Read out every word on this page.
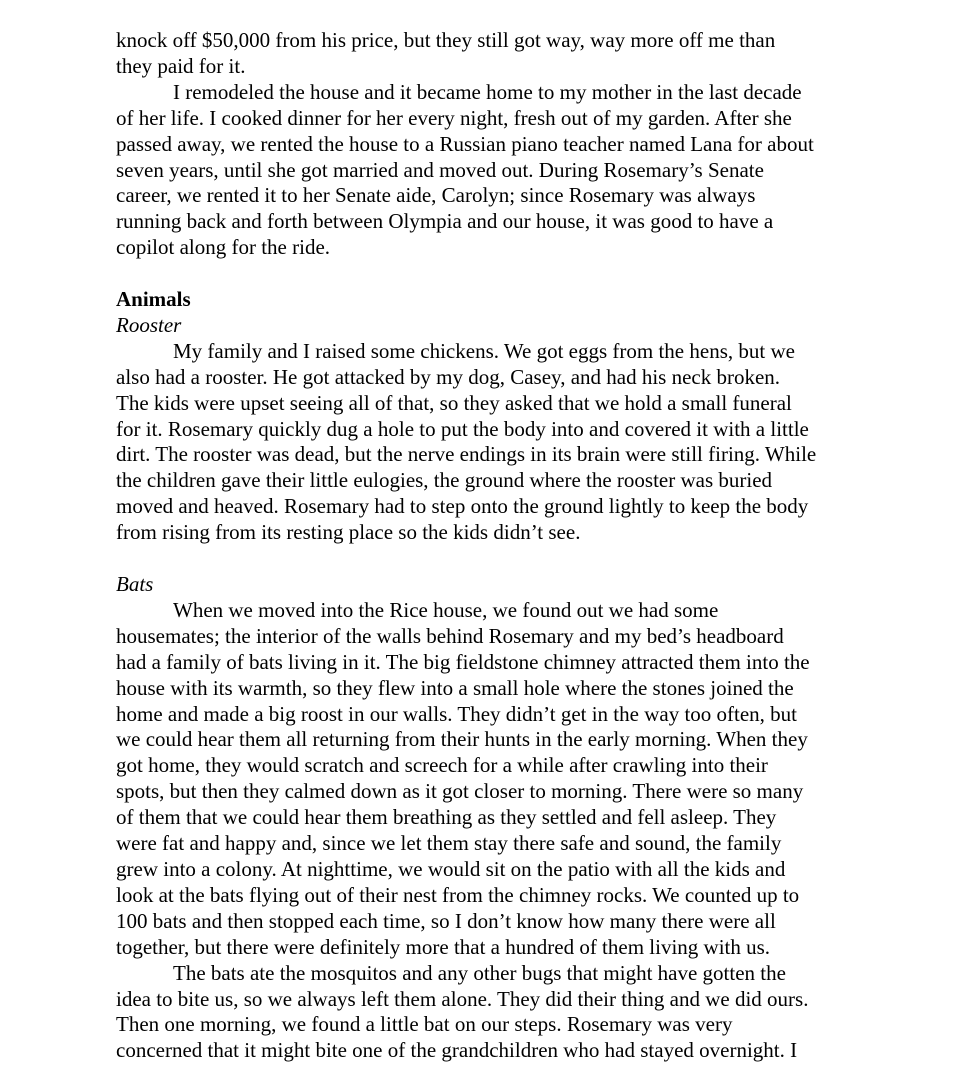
knock off $50,000 from his price, but they still got way, way more off me than
they paid for it.
I remodeled the house and it became home to my mother in the last decade
of her life. I cooked dinner for her every night, fresh out of my garden. After she
passed away, we rented the house to a Russian piano teacher named Lana for about
seven years, until she got married and moved out. During Rosemary’s Senate
career, we rented it to her Senate aide, Carolyn; since Rosemary was always
running back and forth between Olympia and our house, it was good to have a
copilot along for the ride.
Animals
Rooster
My family and I raised some chickens. We got eggs from the hens, but we
also had a rooster. He got attacked by my dog, Casey, and had his neck broken.
The kids were upset seeing all of that, so they asked that we hold a small funeral
for it. Rosemary quickly dug a hole to put the body into and covered it with a little
dirt. The rooster was dead, but the nerve endings in its brain were still firing. While
the children gave their little eulogies, the ground where the rooster was buried
moved and heaved. Rosemary had to step onto the ground lightly to keep the body
from rising from its resting place so the kids didn’t see.
Bats
When we moved into the Rice house, we found out we had some
housemates; the interior of the walls behind Rosemary and my bed’s headboard
had a family of bats living in it. The big fieldstone chimney attracted them into the
house with its warmth, so they flew into a small hole where the stones joined the
home and made a big roost in our walls. They didn’t get in the way too often, but
we could hear them all returning from their hunts in the early morning. When they
got home, they would scratch and screech for a while after crawling into their
spots, but then they calmed down as it got closer to morning. There were so many
of them that we could hear them breathing as they settled and fell asleep. They
were fat and happy and, since we let them stay there safe and sound, the family
grew into a colony. At nighttime, we would sit on the patio with all the kids and
look at the bats flying out of their nest from the chimney rocks. We counted up to
100 bats and then stopped each time, so I don’t know how many there were all
together, but there were definitely more that a hundred of them living with us.
The bats ate the mosquitos and any other bugs that might have gotten the
idea to bite us, so we always left them alone. They did their thing and we did ours.
Then one morning, we found a little bat on our steps. Rosemary was very
concerned that it might bite one of the grandchildren who had stayed overnight. I
